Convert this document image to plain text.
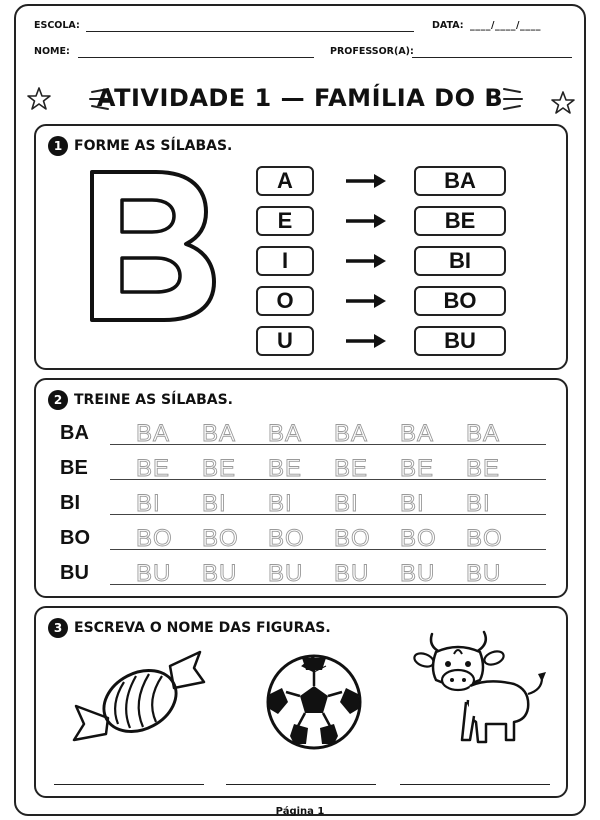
ESCOLA:	DATA: ____/____/____
NOME:	PROFESSOR(A):
ATIVIDADE 1 — FAMÍLIA DO B
1 FORME AS SÍLABAS.
A	BA
E	BE
I	BI
O	BO
U	BU
2 TREINE AS SÍLABAS.
BA BA BA BA BA BA BA
BE BE BE BE BE BE BE
BI BI BI BI BI BI BI
BO BO BO BO BO BO BO
BU BU BU BU BU BU BU
3 ESCREVA O NOME DAS FIGURAS.
Página 1
